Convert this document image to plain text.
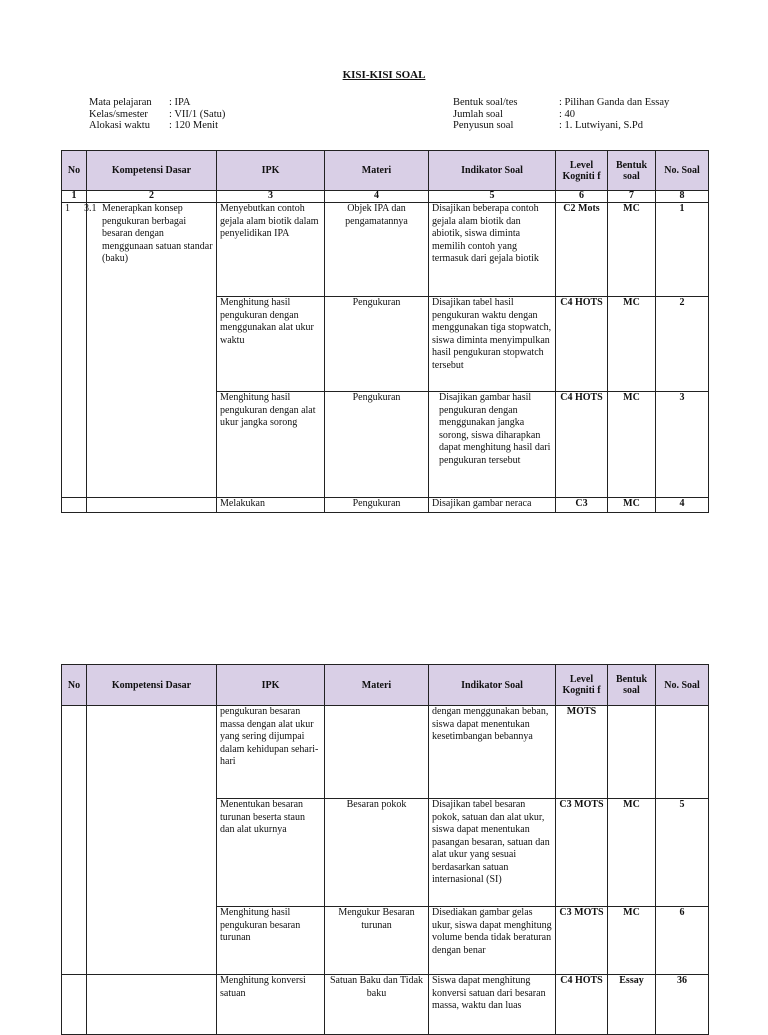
KISI-KISI SOAL
Mata pelajaran	: IPA
Kelas/smester	: VII/1 (Satu)
Alokasi waktu	: 120 Menit
Bentuk soal/tes	: Pilihan Ganda dan Essay
Jumlah soal	: 40
Penyusun soal	: 1. Lutwiyani, S.Pd
No	Kompetensi Dasar	IPK	Materi	Indikator Soal	Level Kogniti f	Bentuk soal	No. Soal
1	2	3	4	5	6	7	8
1	3.1 Menerapkan konsep pengukuran berbagai besaran dengan menggunaan satuan standar (baku)	Menyebutkan contoh gejala alam biotik dalam penyelidikan IPA	Objek IPA dan pengamatannya	Disajikan beberapa contoh gejala alam biotik dan abiotik, siswa diminta memilih contoh yang termasuk dari gejala biotik	C2 Mots	MC	1
		Menghitung hasil pengukuran dengan menggunakan alat ukur waktu	Pengukuran	Disajikan tabel hasil pengukuran waktu dengan menggunakan tiga stopwatch, siswa diminta menyimpulkan hasil pengukuran stopwatch tersebut	C4 HOTS	MC	2
		Menghitung hasil pengukuran dengan alat ukur jangka sorong	Pengukuran	Disajikan gambar hasil pengukuran dengan menggunakan jangka sorong, siswa diharapkan dapat menghitung hasil dari pengukuran tersebut	C4 HOTS	MC	3
		Melakukan	Pengukuran	Disajikan gambar neraca	C3	MC	4
No	Kompetensi Dasar	IPK	Materi	Indikator Soal	Level Kogniti f	Bentuk soal	No. Soal
		pengukuran besaran massa dengan alat ukur yang sering dijumpai dalam kehidupan sehari-hari		dengan menggunakan beban, siswa dapat menentukan kesetimbangan bebannya	MOTS		
		Menentukan besaran turunan beserta staun dan alat ukurnya	Besaran pokok	Disajikan tabel besaran pokok, satuan dan alat ukur, siswa dapat menentukan pasangan besaran, satuan dan alat ukur yang sesuai berdasarkan satuan internasional (SI)	C3 MOTS	MC	5
		Menghitung hasil pengukuran besaran turunan	Mengukur Besaran turunan	Disediakan gambar gelas ukur, siswa dapat menghitung volume benda tidak beraturan dengan benar	C3 MOTS	MC	6
		Menghitung konversi satuan	Satuan Baku dan Tidak baku	Siswa dapat menghitung konversi satuan dari besaran massa, waktu dan luas	C4 HOTS	Essay	36
